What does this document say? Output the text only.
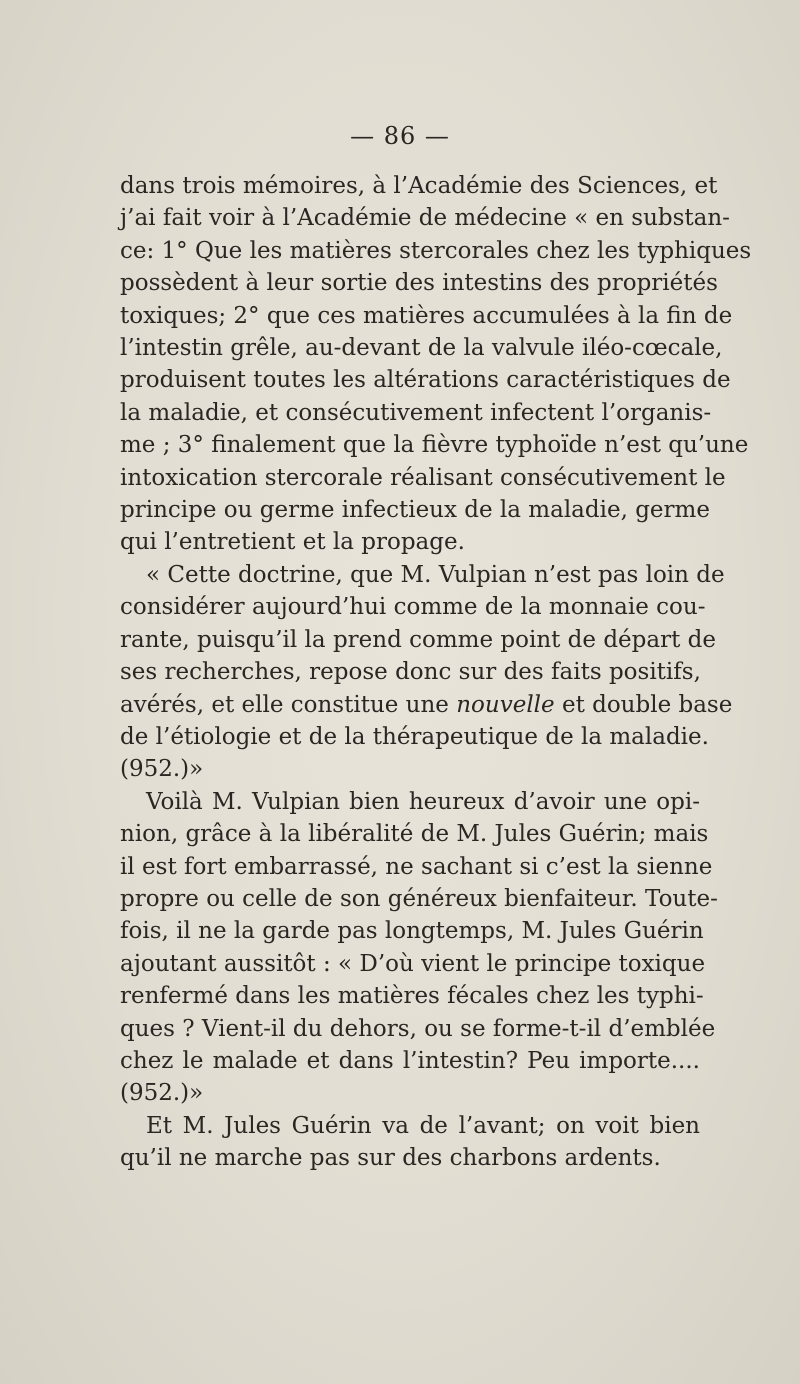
— 86 —
dans trois mémoires, à l’Académie des Sciences, et
j’ai fait voir à l’Académie de médecine « en substan-
ce: 1° Que les matières stercorales chez les typhiques
possèdent à leur sortie des intestins des propriétés
toxiques; 2° que ces matières accumulées à la fin de
l’intestin grêle, au-devant de la valvule iléo-cœcale,
produisent toutes les altérations caractéristiques de
la maladie, et consécutivement infectent l’organis-
me ; 3° finalement que la fièvre typhoïde n’est qu’une
intoxication stercorale réalisant consécutivement le
principe ou germe infectieux de la maladie, germe
qui l’entretient et la propage.
« Cette doctrine, que M. Vulpian n’est pas loin de
considérer aujourd’hui comme de la monnaie cou-
rante, puisqu’il la prend comme point de départ de
ses recherches, repose donc sur des faits positifs,
avérés, et elle constitue une nouvelle et double base
de l’étiologie et de la thérapeutique de la maladie.
(952.)»
Voilà M. Vulpian bien heureux d’avoir une opi-
nion, grâce à la libéralité de M. Jules Guérin; mais
il est fort embarrassé, ne sachant si c’est la sienne
propre ou celle de son généreux bienfaiteur. Toute-
fois, il ne la garde pas longtemps, M. Jules Guérin
ajoutant aussitôt : « D’où vient le principe toxique
renfermé dans les matières fécales chez les typhi-
ques ? Vient-il du dehors, ou se forme-t-il d’emblée
chez le malade et dans l’intestin? Peu importe....
(952.)»
Et M. Jules Guérin va de l’avant; on voit bien
qu’il ne marche pas sur des charbons ardents.
